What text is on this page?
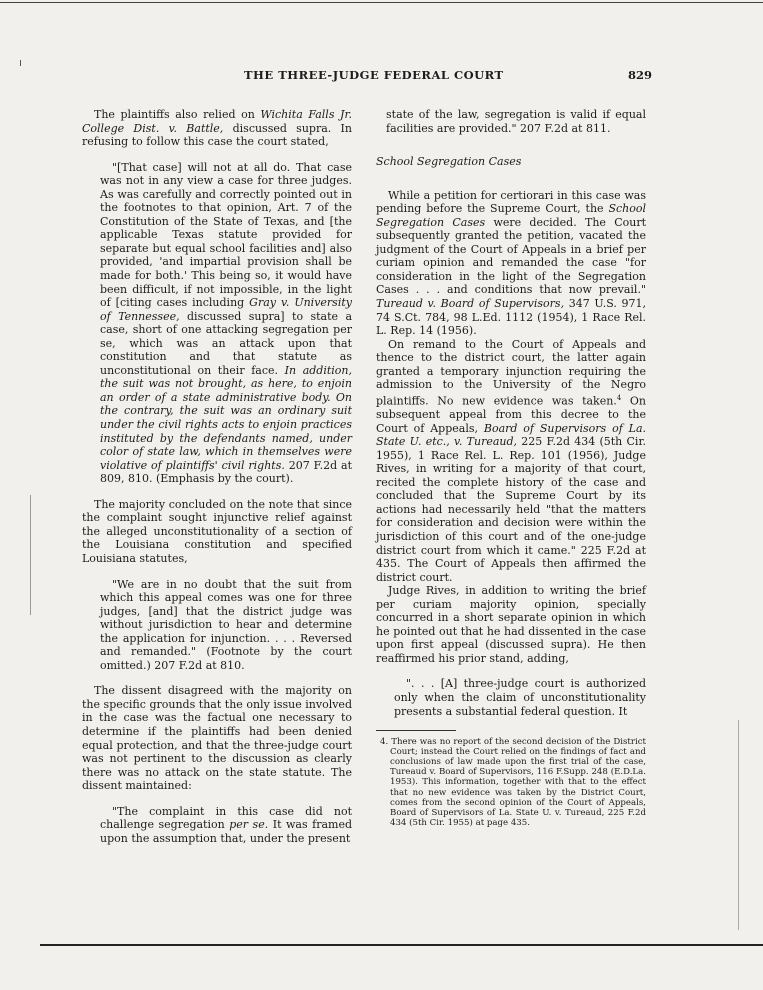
THE THREE-JUDGE FEDERAL COURT	829

The plaintiffs also relied on Wichita Falls Jr. College Dist. v. Battle, discussed supra. In refusing to follow this case the court stated,

"[That case] will not at all do. That case was not in any view a case for three judges. As was carefully and correctly pointed out in the footnotes to that opinion, Art. 7 of the Constitution of the State of Texas, and [the applicable Texas statute provided for separate but equal school facilities and] also provided, 'and impartial provision shall be made for both.' This being so, it would have been difficult, if not impossible, in the light of [citing cases including Gray v. University of Tennessee, discussed supra] to state a case, short of one attacking segregation per se, which was an attack upon that constitution and that statute as unconstitutional on their face. In addition, the suit was not brought, as here, to enjoin an order of a state administrative body. On the contrary, the suit was an ordinary suit under the civil rights acts to enjoin practices instituted by the defendants named, under color of state law, which in themselves were violative of plaintiffs' civil rights. 207 F.2d at 809, 810. (Emphasis by the court).

The majority concluded on the note that since the complaint sought injunctive relief against the alleged unconstitutionality of a section of the Louisiana constitution and specified Louisiana statutes,

"We are in no doubt that the suit from which this appeal comes was one for three judges, [and] that the district judge was without jurisdiction to hear and determine the application for injunction. . . . Reversed and remanded." (Footnote by the court omitted.) 207 F.2d at 810.

The dissent disagreed with the majority on the specific grounds that the only issue involved in the case was the factual one necessary to determine if the plaintiffs had been denied equal protection, and that the three-judge court was not pertinent to the discussion as clearly there was no attack on the state statute. The dissent maintained:

"The complaint in this case did not challenge segregation per se. It was framed upon the assumption that, under the present

state of the law, segregation is valid if equal facilities are provided." 207 F.2d at 811.

School Segregation Cases

While a petition for certiorari in this case was pending before the Supreme Court, the School Segregation Cases were decided. The Court subsequently granted the petition, vacated the judgment of the Court of Appeals in a brief per curiam opinion and remanded the case "for consideration in the light of the Segregation Cases . . . and conditions that now prevail." Tureaud v. Board of Supervisors, 347 U.S. 971, 74 S.Ct. 784, 98 L.Ed. 1112 (1954), 1 Race Rel. L. Rep. 14 (1956).

On remand to the Court of Appeals and thence to the district court, the latter again granted a temporary injunction requiring the admission to the University of the Negro plaintiffs. No new evidence was taken.$^4$ On subsequent appeal from this decree to the Court of Appeals, Board of Supervisors of La. State U. etc., v. Tureaud, 225 F.2d 434 (5th Cir. 1955), 1 Race Rel. L. Rep. 101 (1956), Judge Rives, in writing for a majority of that court, recited the complete history of the case and concluded that the Supreme Court by its actions had necessarily held "that the matters for consideration and decision were within the jurisdiction of this court and of the one-judge district court from which it came." 225 F.2d at 435. The Court of Appeals then affirmed the district court.

Judge Rives, in addition to writing the brief per curiam majority opinion, specially concurred in a short separate opinion in which he pointed out that he had dissented in the case upon first appeal (discussed supra). He then reaffirmed his prior stand, adding,

". . . [A] three-judge court is authorized only when the claim of unconstitutionality presents a substantial federal question. It

4. There was no report of the second decision of the District Court; instead the Court relied on the findings of fact and conclusions of law made upon the first trial of the case, Tureaud v. Board of Supervisors, 116 F.Supp. 248 (E.D.La. 1953). This information, together with that to the effect that no new evidence was taken by the District Court, comes from the second opinion of the Court of Appeals, Board of Supervisors of La. State U. v. Tureaud, 225 F.2d 434 (5th Cir. 1955) at page 435.
